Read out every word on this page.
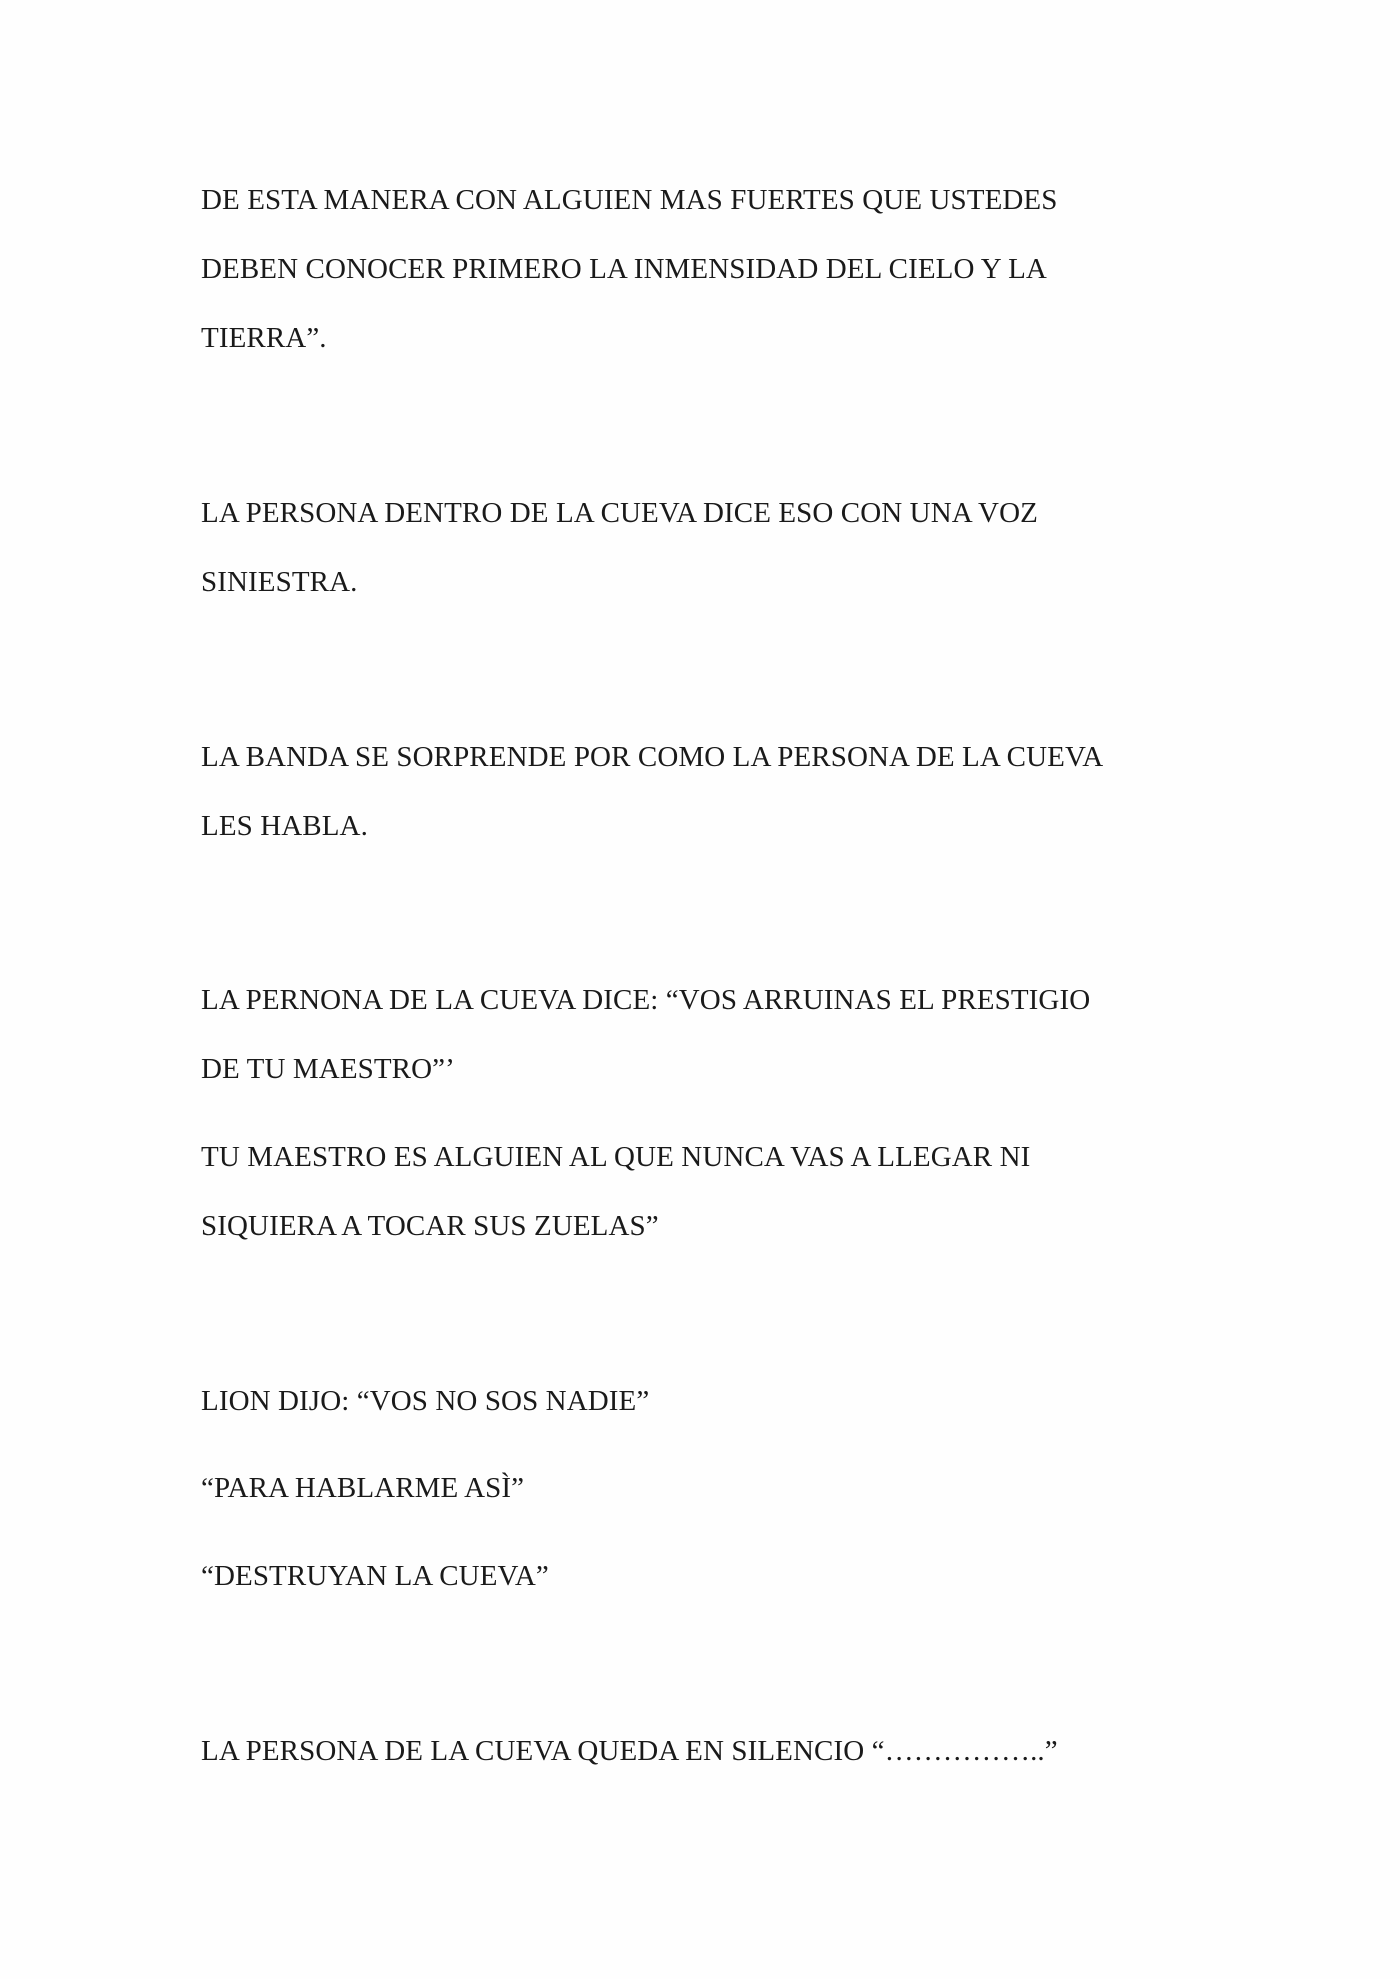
DE ESTA MANERA CON ALGUIEN MAS FUERTES QUE USTEDES
DEBEN CONOCER PRIMERO LA INMENSIDAD DEL CIELO Y LA
TIERRA”.
LA PERSONA DENTRO DE LA CUEVA DICE ESO CON UNA VOZ
SINIESTRA.
LA BANDA SE SORPRENDE POR COMO LA PERSONA DE LA CUEVA
LES HABLA.
LA PERNONA DE LA CUEVA DICE: “VOS ARRUINAS EL PRESTIGIO
DE TU MAESTRO”’
TU MAESTRO ES ALGUIEN AL QUE NUNCA VAS A LLEGAR NI
SIQUIERA A TOCAR SUS ZUELAS”
LION DIJO: “VOS NO SOS NADIE”
“PARA HABLARME ASÌ”
“DESTRUYAN LA CUEVA”
LA PERSONA DE LA CUEVA QUEDA EN SILENCIO “……………..”
